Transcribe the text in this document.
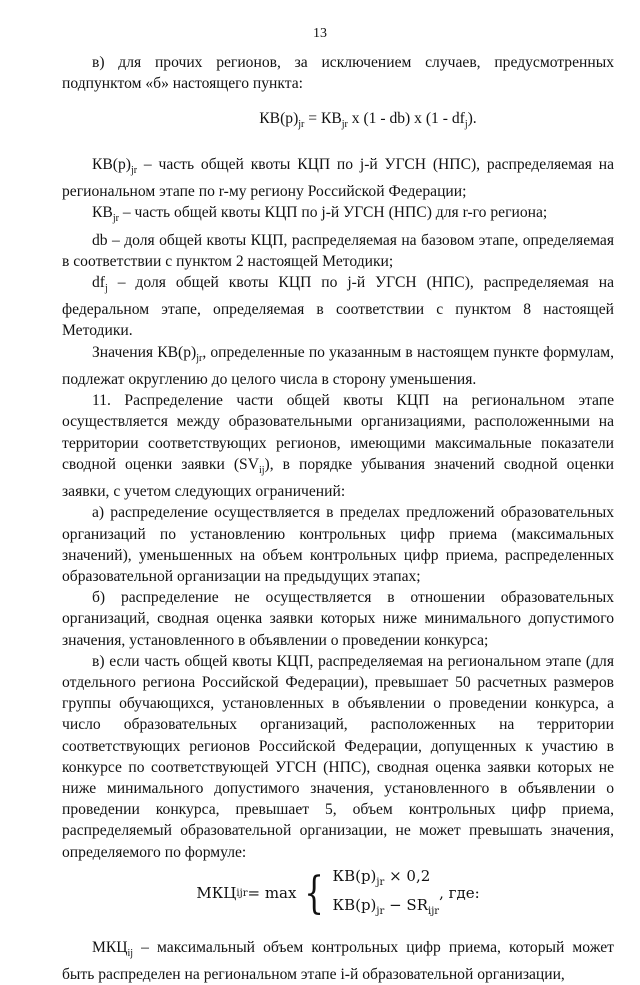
13

в) для прочих регионов, за исключением случаев, предусмотренных подпунктом «б» настоящего пункта:

$КВ(р)_{jr} = КВ_{jr}$ х (1 - db) х $(1 - df_j)$.

$КВ(р)_{jr}$ – часть общей квоты КЦП по j-й УГСН (НПС), распределяемая на региональном этапе по r-му региону Российской Федерации;

$КВ_{jr}$ – часть общей квоты КЦП по j-й УГСН (НПС) для r-го региона;

db – доля общей квоты КЦП, распределяемая на базовом этапе, определяемая в соответствии с пунктом 2 настоящей Методики;

$df_j$ – доля общей квоты КЦП по j-й УГСН (НПС), распределяемая на федеральном этапе, определяемая в соответствии с пунктом 8 настоящей Методики.

Значения $КВ(р)_{jr}$, определенные по указанным в настоящем пункте формулам, подлежат округлению до целого числа в сторону уменьшения.

11. Распределение части общей квоты КЦП на региональном этапе осуществляется между образовательными организациями, расположенными на территории соответствующих регионов, имеющими максимальные показатели сводной оценки заявки $(SV_{ij})$, в порядке убывания значений сводной оценки заявки, с учетом следующих ограничений:

а) распределение осуществляется в пределах предложений образовательных организаций по установлению контрольных цифр приема (максимальных значений), уменьшенных на объем контрольных цифр приема, распределенных образовательной организации на предыдущих этапах;

б) распределение не осуществляется в отношении образовательных организаций, сводная оценка заявки которых ниже минимального допустимого значения, установленного в объявлении о проведении конкурса;

в) если часть общей квоты КЦП, распределяемая на региональном этапе (для отдельного региона Российской Федерации), превышает 50 расчетных размеров группы обучающихся, установленных в объявлении о проведении конкурса, а число образовательных организаций, расположенных на территории соответствующих регионов Российской Федерации, допущенных к участию в конкурсе по соответствующей УГСН (НПС), сводная оценка заявки которых не ниже минимального допустимого значения, установленного в объявлении о проведении конкурса, превышает 5, объем контрольных цифр приема, распределяемый образовательной организации, не может превышать значения, определяемого по формуле:

МКЦ ijr = max { $КВ(р)_{jr} \times 0,2$
$КВ(р)_{jr} - SR_{ijr}$
, где:

$МКЦ_{ij}$ – максимальный объем контрольных цифр приема, который может быть распределен на региональном этапе i-й образовательной организации,
